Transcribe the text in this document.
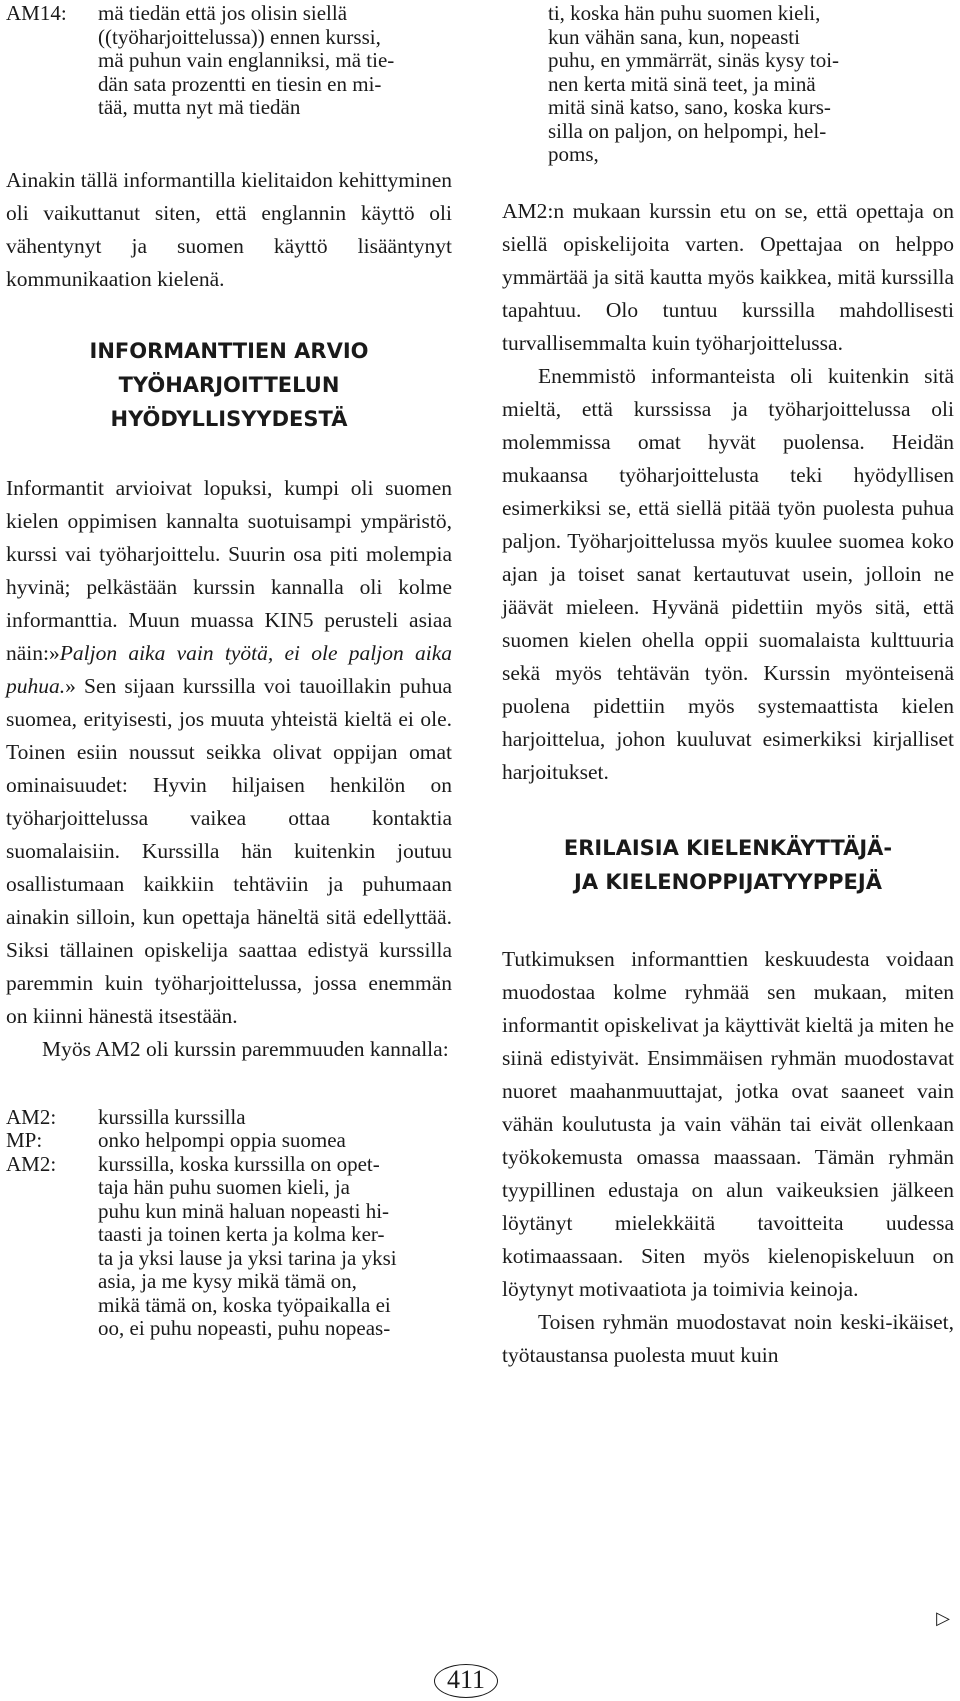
AM14:	mä tiedän että jos olisin siellä
((työharjoittelussa)) ennen kurssi,
mä puhun vain englanniksi, mä tie-
dän sata prozentti en tiesin en mi-
tää, mutta nyt mä tiedän

Ainakin tällä informantilla kielitaidon kehittyminen oli vaikuttanut siten, että englannin käyttö oli vähentynyt ja suomen käyttö lisääntynyt kommunikaation kielenä.

INFORMANTTIEN ARVIO
TYÖHARJOITTELUN
HYÖDYLLISYYDESTÄ

Informantit arvioivat lopuksi, kumpi oli suomen kielen oppimisen kannalta suotuisampi ympäristö, kurssi vai työharjoittelu. Suurin osa piti molempia hyvinä; pelkästään kurssin kannalla oli kolme informanttia. Muun muassa KIN5 perusteli asiaa näin:»Paljon aika vain työtä, ei ole paljon aika puhua.» Sen sijaan kurssilla voi tauoillakin puhua suomea, erityisesti, jos muuta yhteistä kieltä ei ole. Toinen esiin noussut seikka olivat oppijan omat ominaisuudet: Hyvin hiljaisen henkilön on työharjoittelussa vaikea ottaa kontaktia suomalaisiin. Kurssilla hän kuitenkin joutuu osallistumaan kaikkiin tehtäviin ja puhumaan ainakin silloin, kun opettaja häneltä sitä edellyttää. Siksi tällainen opiskelija saattaa edistyä kurssilla paremmin kuin työharjoittelussa, jossa enemmän on kiinni hänestä itsestään.

Myös AM2 oli kurssin paremmuuden kannalla:

AM2:	kurssilla kurssilla
MP:	onko helpompi oppia suomea
AM2:	kurssilla, koska kurssilla on opet-
taja hän puhu suomen kieli, ja
puhu kun minä haluan nopeasti hi-
taasti ja toinen kerta ja kolma ker-
ta ja yksi lause ja yksi tarina ja yksi
asia, ja me kysy mikä tämä on,
mikä tämä on, koska työpaikalla ei
oo, ei puhu nopeasti, puhu nopeas-
ti, koska hän puhu suomen kieli,
kun vähän sana, kun, nopeasti
puhu, en ymmärrät, sinäs kysy toi-
nen kerta mitä sinä teet, ja minä
mitä sinä katso, sano, koska kurs-
silla on paljon, on helpompi, hel-
poms,

AM2:n mukaan kurssin etu on se, että opettaja on siellä opiskelijoita varten. Opettajaa on helppo ymmärtää ja sitä kautta myös kaikkea, mitä kurssilla tapahtuu. Olo tuntuu kurssilla mahdollisesti turvallisemmalta kuin työharjoittelussa.

Enemmistö informanteista oli kuitenkin sitä mieltä, että kurssissa ja työharjoittelussa oli molemmissa omat hyvät puolensa. Heidän mukaansa työharjoittelusta teki hyödyllisen esimerkiksi se, että siellä pitää työn puolesta puhua paljon. Työharjoittelussa myös kuulee suomea koko ajan ja toiset sanat kertautuvat usein, jolloin ne jäävät mieleen. Hyvänä pidettiin myös sitä, että suomen kielen ohella oppii suomalaista kulttuuria sekä myös tehtävän työn. Kurssin myönteisenä puolena pidettiin myös systemaattista kielen harjoittelua, johon kuuluvat esimerkiksi kirjalliset harjoitukset.

ERILAISIA KIELENKÄYTTÄJÄ-
JA KIELENOPPIJATYYPPEJÄ

Tutkimuksen informanttien keskuudesta voidaan muodostaa kolme ryhmää sen mukaan, miten informantit opiskelivat ja käyttivät kieltä ja miten he siinä edistyivät. Ensimmäisen ryhmän muodostavat nuoret maahanmuuttajat, jotka ovat saaneet vain vähän koulutusta ja vain vähän tai eivät ollenkaan työkokemusta omassa maassaan. Tämän ryhmän tyypillinen edustaja on alun vaikeuksien jälkeen löytänyt mielekkäitä tavoitteita uudessa kotimaassaan. Siten myös kielenopiskeluun on löytynyt motivaatiota ja toimivia keinoja.

Toisen ryhmän muodostavat noin keski-ikäiset, työtaustansa puolesta muut kuin

▷
411
